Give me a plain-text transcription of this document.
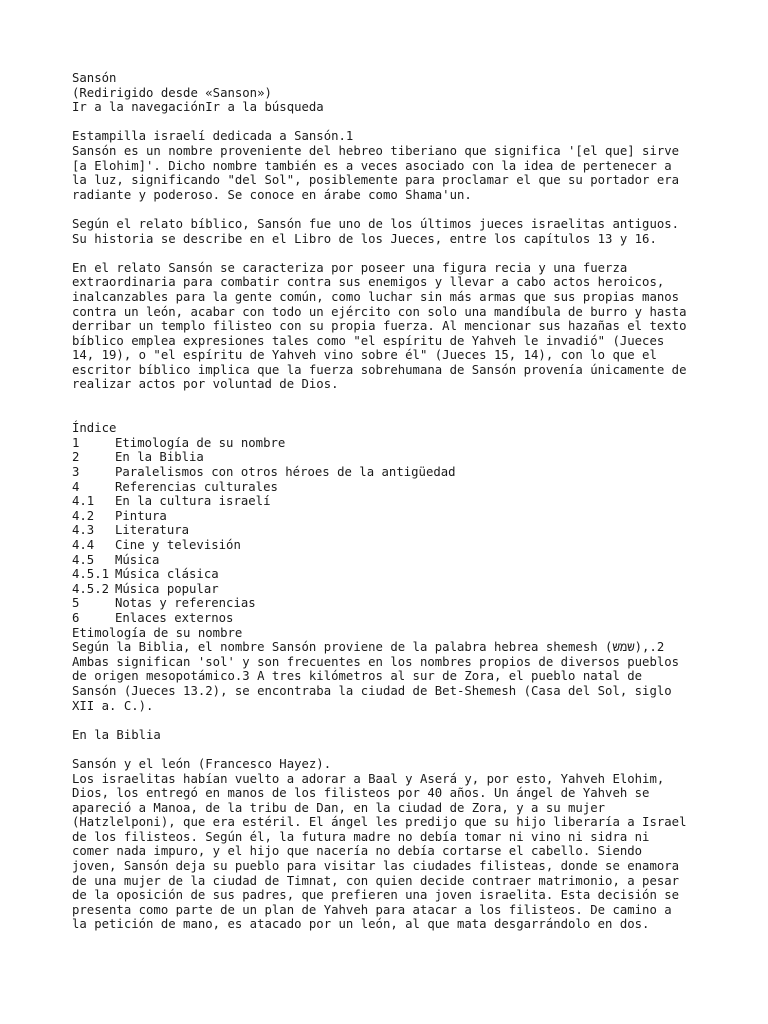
Sansón
(Redirigido desde «Sanson»)
Ir a la navegaciónIr a la búsqueda
Estampilla israelí dedicada a Sansón.1
Sansón es un nombre proveniente del hebreo tiberiano que significa '[el que] sirve
[a Elohim]'. Dicho nombre también es a veces asociado con la idea de pertenecer a
la luz, significando "del Sol", posiblemente para proclamar el que su portador era
radiante y poderoso. Se conoce en árabe como Shama'un.
Según el relato bíblico, Sansón fue uno de los últimos jueces israelitas antiguos.
Su historia se describe en el Libro de los Jueces, entre los capítulos 13 y 16.
En el relato Sansón se caracteriza por poseer una figura recia y una fuerza
extraordinaria para combatir contra sus enemigos y llevar a cabo actos heroicos,
inalcanzables para la gente común, como luchar sin más armas que sus propias manos
contra un león, acabar con todo un ejército con solo una mandíbula de burro y hasta
derribar un templo filisteo con su propia fuerza. Al mencionar sus hazañas el texto
bíblico emplea expresiones tales como "el espíritu de Yahveh le invadió" (Jueces
14, 19), o "el espíritu de Yahveh vino sobre él" (Jueces 15, 14), con lo que el
escritor bíblico implica que la fuerza sobrehumana de Sansón provenía únicamente de
realizar actos por voluntad de Dios.
Índice
1	Etimología de su nombre
2	En la Biblia
3	Paralelismos con otros héroes de la antigüedad
4	Referencias culturales
4.1 En la cultura israelí
4.2 Pintura
4.3 Literatura
4.4 Cine y televisión
4.5 Música
4.5.1 Música clásica
4.5.2 Música popular
5	Notas y referencias
6	Enlaces externos
Etimología de su nombre
Según la Biblia, el nombre Sansón proviene de la palabra hebrea shemesh (שמש),.2
Ambas significan 'sol' y son frecuentes en los nombres propios de diversos pueblos
de origen mesopotámico.3 A tres kilómetros al sur de Zora, el pueblo natal de
Sansón (Jueces 13.2), se encontraba la ciudad de Bet-Shemesh (Casa del Sol, siglo
XII a. C.).
En la Biblia
Sansón y el león (Francesco Hayez).
Los israelitas habían vuelto a adorar a Baal y Aserá y, por esto, Yahveh Elohim,
Dios, los entregó en manos de los filisteos por 40 años. Un ángel de Yahveh se
apareció a Manoa, de la tribu de Dan, en la ciudad de Zora, y a su mujer
(Hatzlelponi), que era estéril. El ángel les predijo que su hijo liberaría a Israel
de los filisteos. Según él, la futura madre no debía tomar ni vino ni sidra ni
comer nada impuro, y el hijo que nacería no debía cortarse el cabello. Siendo
joven, Sansón deja su pueblo para visitar las ciudades filisteas, donde se enamora
de una mujer de la ciudad de Timnat, con quien decide contraer matrimonio, a pesar
de la oposición de sus padres, que prefieren una joven israelita. Esta decisión se
presenta como parte de un plan de Yahveh para atacar a los filisteos. De camino a
la petición de mano, es atacado por un león, al que mata desgarrándolo en dos.
